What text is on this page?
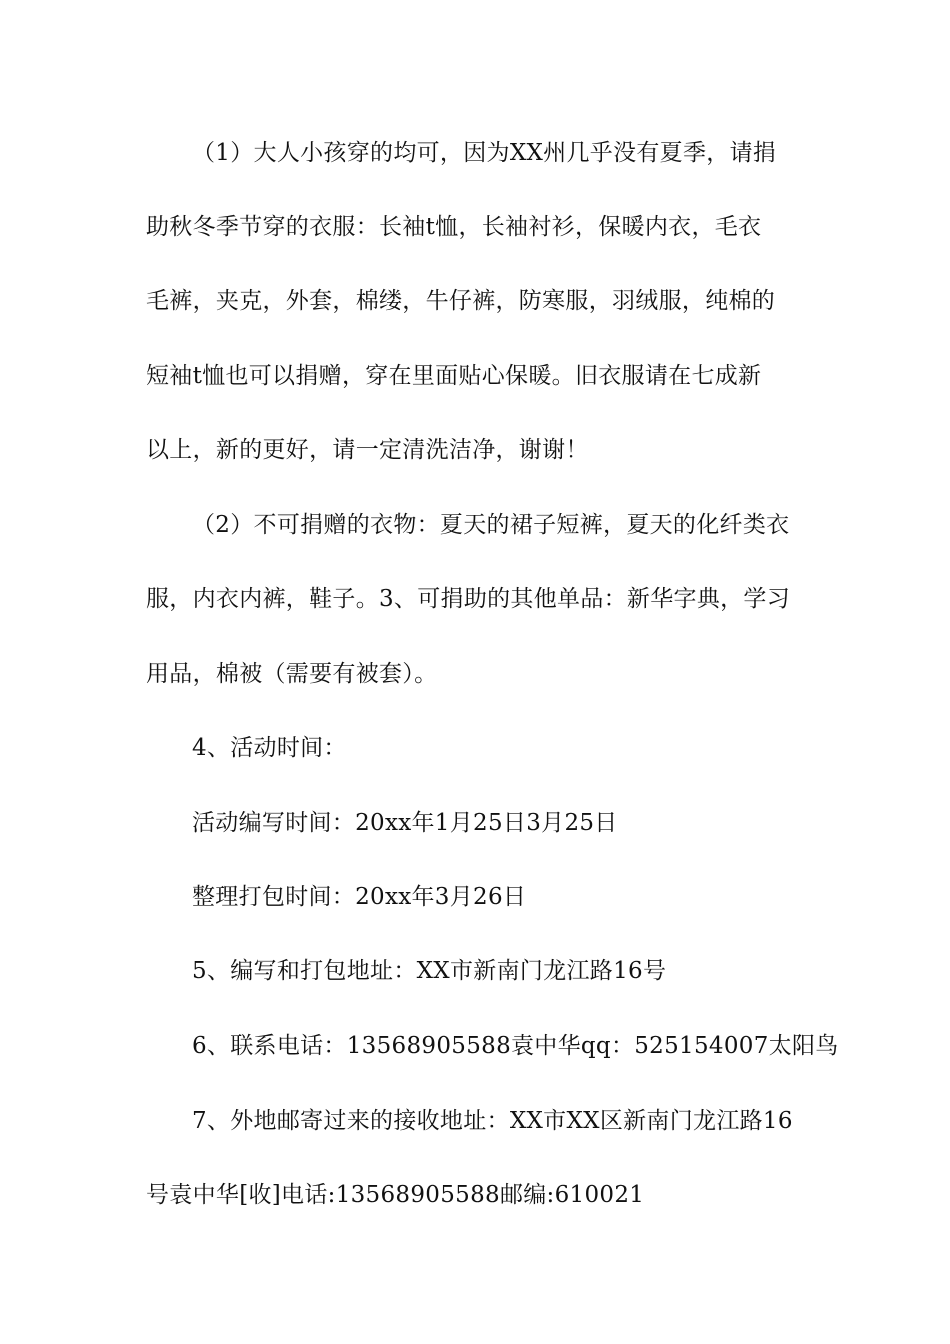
（1）大人小孩穿的均可，因为XX州几乎没有夏季，请捐
助秋冬季节穿的衣服：长袖t恤，长袖衬衫，保暖内衣，毛衣
毛裤，夹克，外套，棉缕，牛仔裤，防寒服，羽绒服，纯棉的
短袖t恤也可以捐赠，穿在里面贴心保暖。旧衣服请在七成新
以上，新的更好，请一定清洗洁净，谢谢！
（2）不可捐赠的衣物：夏天的裙子短裤，夏天的化纤类衣
服，内衣内裤，鞋子。3、可捐助的其他单品：新华字典，学习
用品，棉被（需要有被套）。
4、活动时间：
活动编写时间：20xx年1月25日3月25日
整理打包时间：20xx年3月26日
5、编写和打包地址：XX市新南门龙江路16号
6、联系电话：13568905588袁中华qq：525154007太阳鸟
7、外地邮寄过来的接收地址：XX市XX区新南门龙江路16
号袁中华[收]电话:13568905588邮编:610021
